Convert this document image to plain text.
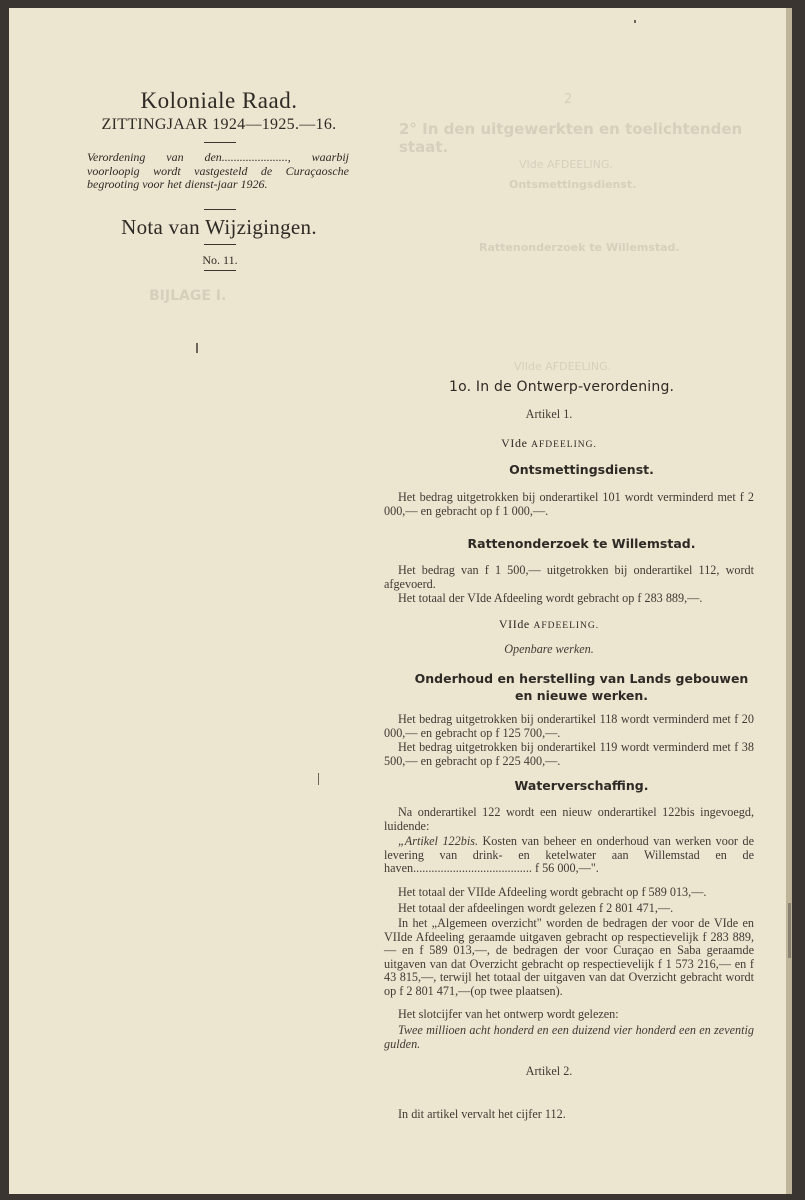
2
2° In den uitgewerkten en toelichtenden staat.
VIde AFDEELING.
Ontsmettingsdienst.
Rattenonderzoek te Willemstad.
BIJLAGE I.
VIIde AFDEELING.
Koloniale Raad.
ZITTINGJAAR 1924—1925.—16.
Verordening van den......................, waarbij voorloopig wordt vastgesteld de Curaçaosche begrooting voor het dienst-jaar 1926.
Nota van Wijzigingen.
No. 11.
1o. In de Ontwerp-verordening.
Artikel 1.
VIde AFDEELING.
Ontsmettingsdienst.
Het bedrag uitgetrokken bij onderartikel 101 wordt verminderd met f 2 000,— en gebracht op f 1 000,—.
Rattenonderzoek te Willemstad.
Het bedrag van f 1 500,— uitgetrokken bij onderartikel 112, wordt afgevoerd.
Het totaal der VIde Afdeeling wordt gebracht op f 283 889,—.
VIIde AFDEELING.
Openbare werken.
Onderhoud en herstelling van Lands gebouwen en nieuwe werken.
Het bedrag uitgetrokken bij onderartikel 118 wordt verminderd met f 20 000,— en gebracht op f 125 700,—.
Het bedrag uitgetrokken bij onderartikel 119 wordt verminderd met f 38 500,— en gebracht op f 225 400,—.
Waterverschaffing.
Na onderartikel 122 wordt een nieuw onderartikel 122bis ingevoegd, luidende:
„Artikel 122bis. Kosten van beheer en onderhoud van werken voor de levering van drink- en ketelwater aan Willemstad en de haven....................................... f 56 000,—".
Het totaal der VIIde Afdeeling wordt gebracht op f 589 013,—.
Het totaal der afdeelingen wordt gelezen f 2 801 471,—.
In het „Algemeen overzicht" worden de bedragen der voor de VIde en VIIde Afdeeling geraamde uitgaven gebracht op respectievelijk f 283 889,— en f 589 013,—, de bedragen der voor Curaçao en Saba geraamde uitgaven van dat Overzicht gebracht op respectievelijk f 1 573 216,— en f 43 815,—, terwijl het totaal der uitgaven van dat Overzicht gebracht wordt op f 2 801 471,—(op twee plaatsen).
Het slotcijfer van het ontwerp wordt gelezen:
Twee millioen acht honderd en een duizend vier honderd een en zeventig gulden.
Artikel 2.
In dit artikel vervalt het cijfer 112.
